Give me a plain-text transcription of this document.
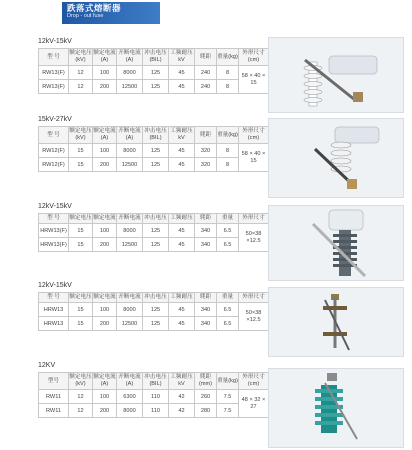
跌落式熔断器
Drop - out fuse
12kV-15kV
型 号	额定电压(kV)	额定电流(A)	开断电流(A)	冲击电压(BIL)	工频耐压kV	爬距	重量(kg)	外形尺寸(cm)
RW13(F)	12	100	8000	125	45	240	8	58 × 40 × 15
RW13(F)	12	200	12500	125	45	240	8	
15kV-27kV
型 号	额定电压(kV)	额定电流(A)	开断电流(A)	冲击电压(BIL)	工频耐压kV	爬距	重量(kg)	外形尺寸(cm)
RW12(F)	15	100	8000	125	45	320	8	58 × 40 × 15
RW12(F)	15	200	12500	125	45	320	8	
12kV-15kV
型 号	额定电压	额定电流	开断电流	冲击电压	工频耐压	爬距	重量	外形尺寸
HRW13(F)	15	100	8000	125	45	340	6.5	50×38 ×12.5
HRW13(F)	15	200	12500	125	45	340	6.5	
12kV-15kV
型 号	额定电压	额定电流	开断电流	冲击电压	工频耐压	爬距	重量	外形尺寸
HRW13	15	100	8000	125	45	340	6.5	50×38 ×12.5
HRW13	15	200	12500	125	45	340	6.5	
12KV
型号	额定电压(kV)	额定电流(A)	开断电流(A)	冲击电压(BIL)	工频耐压kV	爬距(mm)	重量(kg)	外形尺寸(cm)
RW11	12	100	6300	110	42	260	7.5	48 × 32 × 27
RW11	12	200	8000	110	42	280	7.5	
